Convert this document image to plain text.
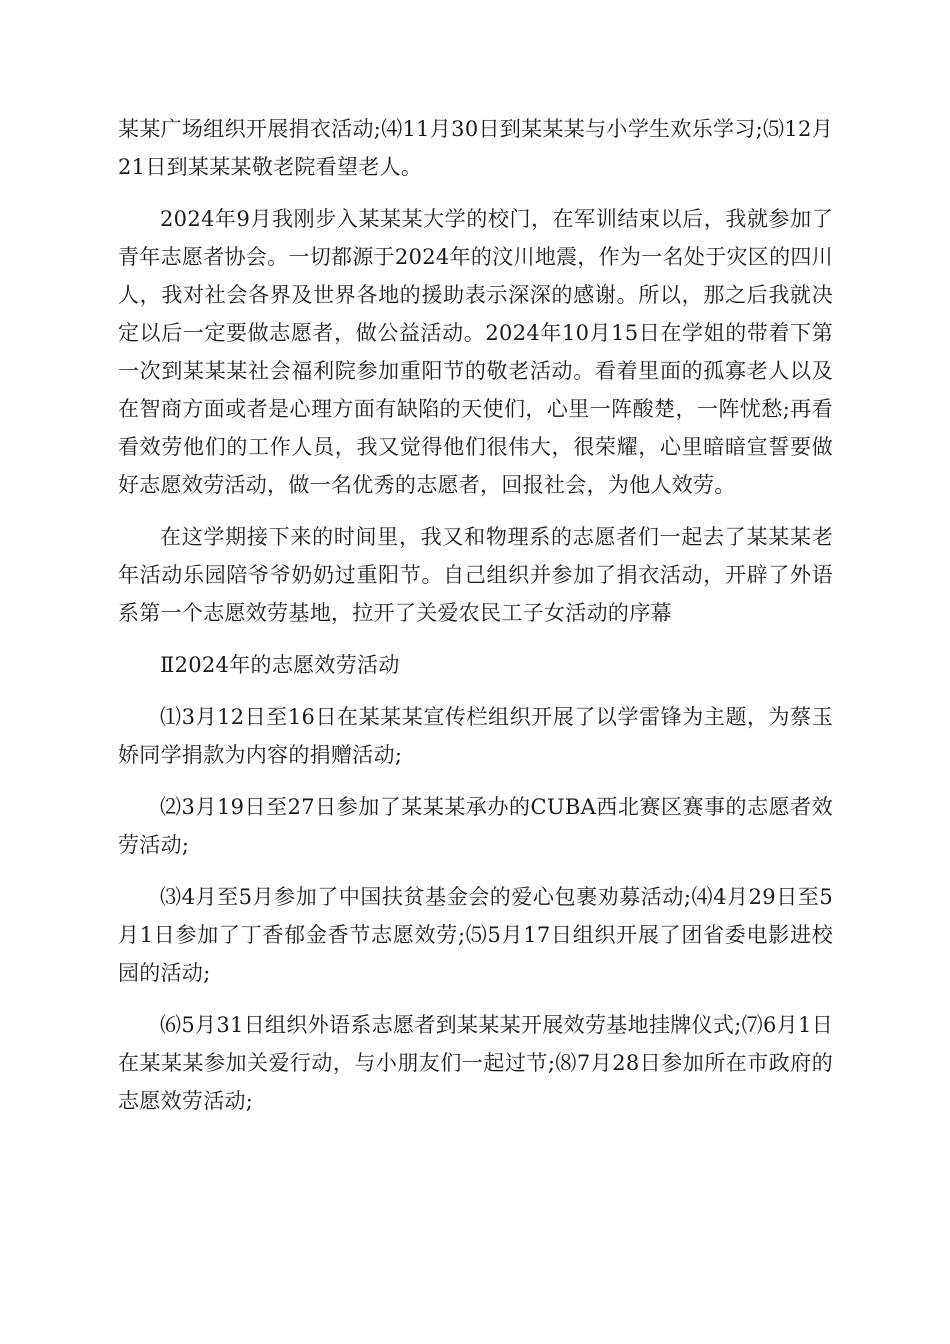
某某广场组织开展捐衣活动;⑷11月30日到某某某与小学生欢乐学习;⑸12月21日到某某某敬老院看望老人。

2024年9月我刚步入某某某大学的校门，在军训结束以后，我就参加了青年志愿者协会。一切都源于2024年的汶川地震，作为一名处于灾区的四川人，我对社会各界及世界各地的援助表示深深的感谢。所以，那之后我就决定以后一定要做志愿者，做公益活动。2024年10月15日在学姐的带着下第一次到某某某社会福利院参加重阳节的敬老活动。看着里面的孤寡老人以及在智商方面或者是心理方面有缺陷的天使们，心里一阵酸楚，一阵忧愁;再看看效劳他们的工作人员，我又觉得他们很伟大，很荣耀，心里暗暗宣誓要做好志愿效劳活动，做一名优秀的志愿者，回报社会，为他人效劳。

在这学期接下来的时间里，我又和物理系的志愿者们一起去了某某某老年活动乐园陪爷爷奶奶过重阳节。自己组织并参加了捐衣活动，开辟了外语系第一个志愿效劳基地，拉开了关爱农民工子女活动的序幕

Ⅱ2024年的志愿效劳活动

⑴3月12日至16日在某某某宣传栏组织开展了以学雷锋为主题，为蔡玉娇同学捐款为内容的捐赠活动;

⑵3月19日至27日参加了某某某承办的CUBA西北赛区赛事的志愿者效劳活动;

⑶4月至5月参加了中国扶贫基金会的爱心包裹劝募活动;⑷4月29日至5月1日参加了丁香郁金香节志愿效劳;⑸5月17日组织开展了团省委电影进校园的活动;

⑹5月31日组织外语系志愿者到某某某开展效劳基地挂牌仪式;⑺6月1日在某某某参加关爱行动，与小朋友们一起过节;⑻7月28日参加所在市政府的志愿效劳活动;
